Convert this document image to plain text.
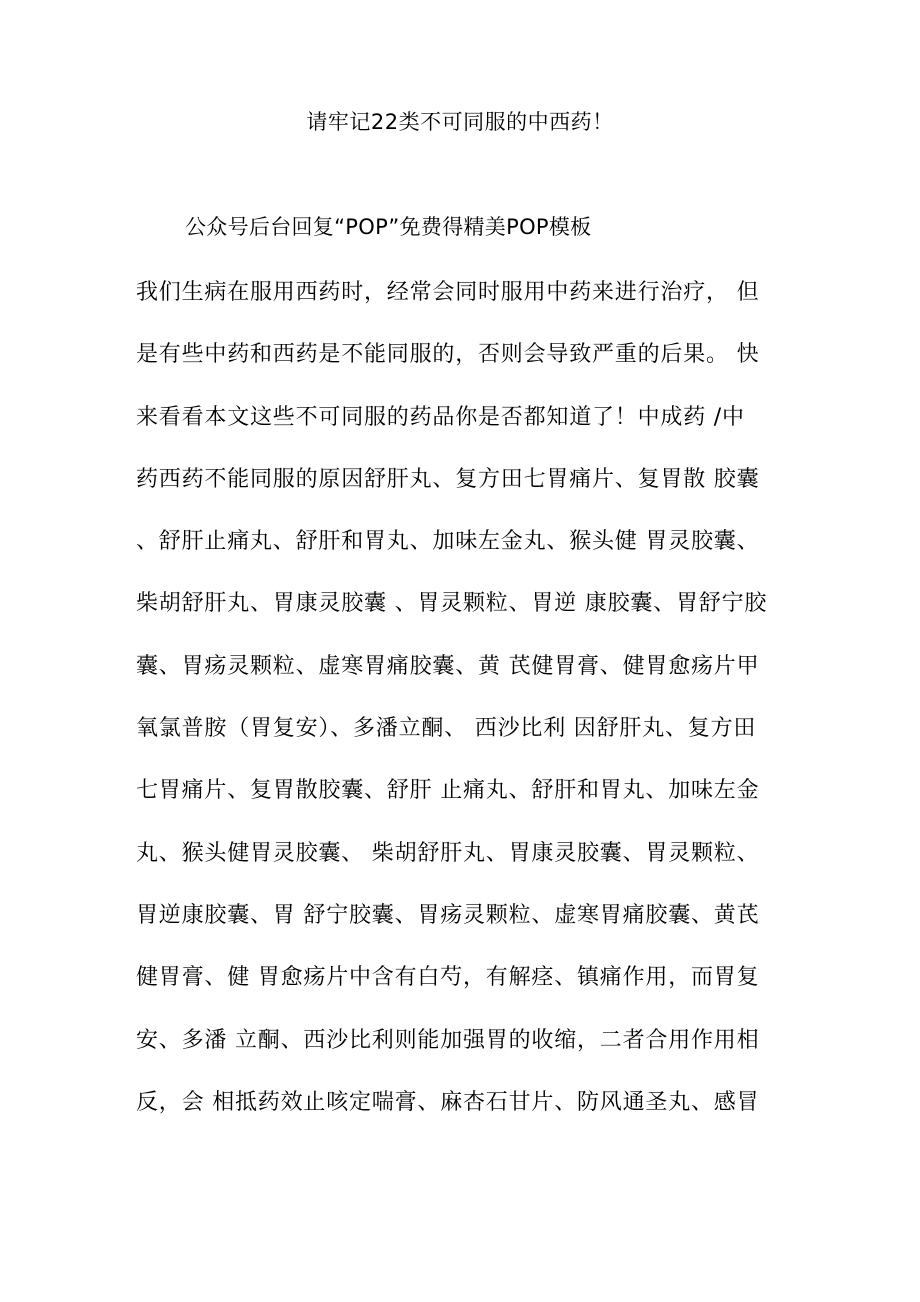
请牢记22类不可同服的中西药！

公众号后台回复“POP”免费得精美POP模板

我们生病在服用西药时，经常会同时服用中药来进行治疗， 但
是有些中药和西药是不能同服的，否则会导致严重的后果。 快
来看看本文这些不可同服的药品你是否都知道了！中成药 /中
药西药不能同服的原因舒肝丸、复方田七胃痛片、复胃散 胶囊
、舒肝止痛丸、舒肝和胃丸、加味左金丸、猴头健 胃灵胶囊、
柴胡舒肝丸、胃康灵胶囊 、胃灵颗粒、胃逆 康胶囊、胃舒宁胶
囊、胃疡灵颗粒、虚寒胃痛胶囊、黄 芪健胃膏、健胃愈疡片甲
氧氯普胺（胃复安）、多潘立酮、 西沙比利 因舒肝丸、复方田
七胃痛片、复胃散胶囊、舒肝 止痛丸、舒肝和胃丸、加味左金
丸、猴头健胃灵胶囊、 柴胡舒肝丸、胃康灵胶囊、胃灵颗粒、
胃逆康胶囊、胃 舒宁胶囊、胃疡灵颗粒、虚寒胃痛胶囊、黄芪
健胃膏、健 胃愈疡片中含有白芍，有解痉、镇痛作用，而胃复
安、多潘 立酮、西沙比利则能加强胃的收缩，二者合用作用相
反，会 相抵药效止咳定喘膏、麻杏石甘片、防风通圣丸、感冒
